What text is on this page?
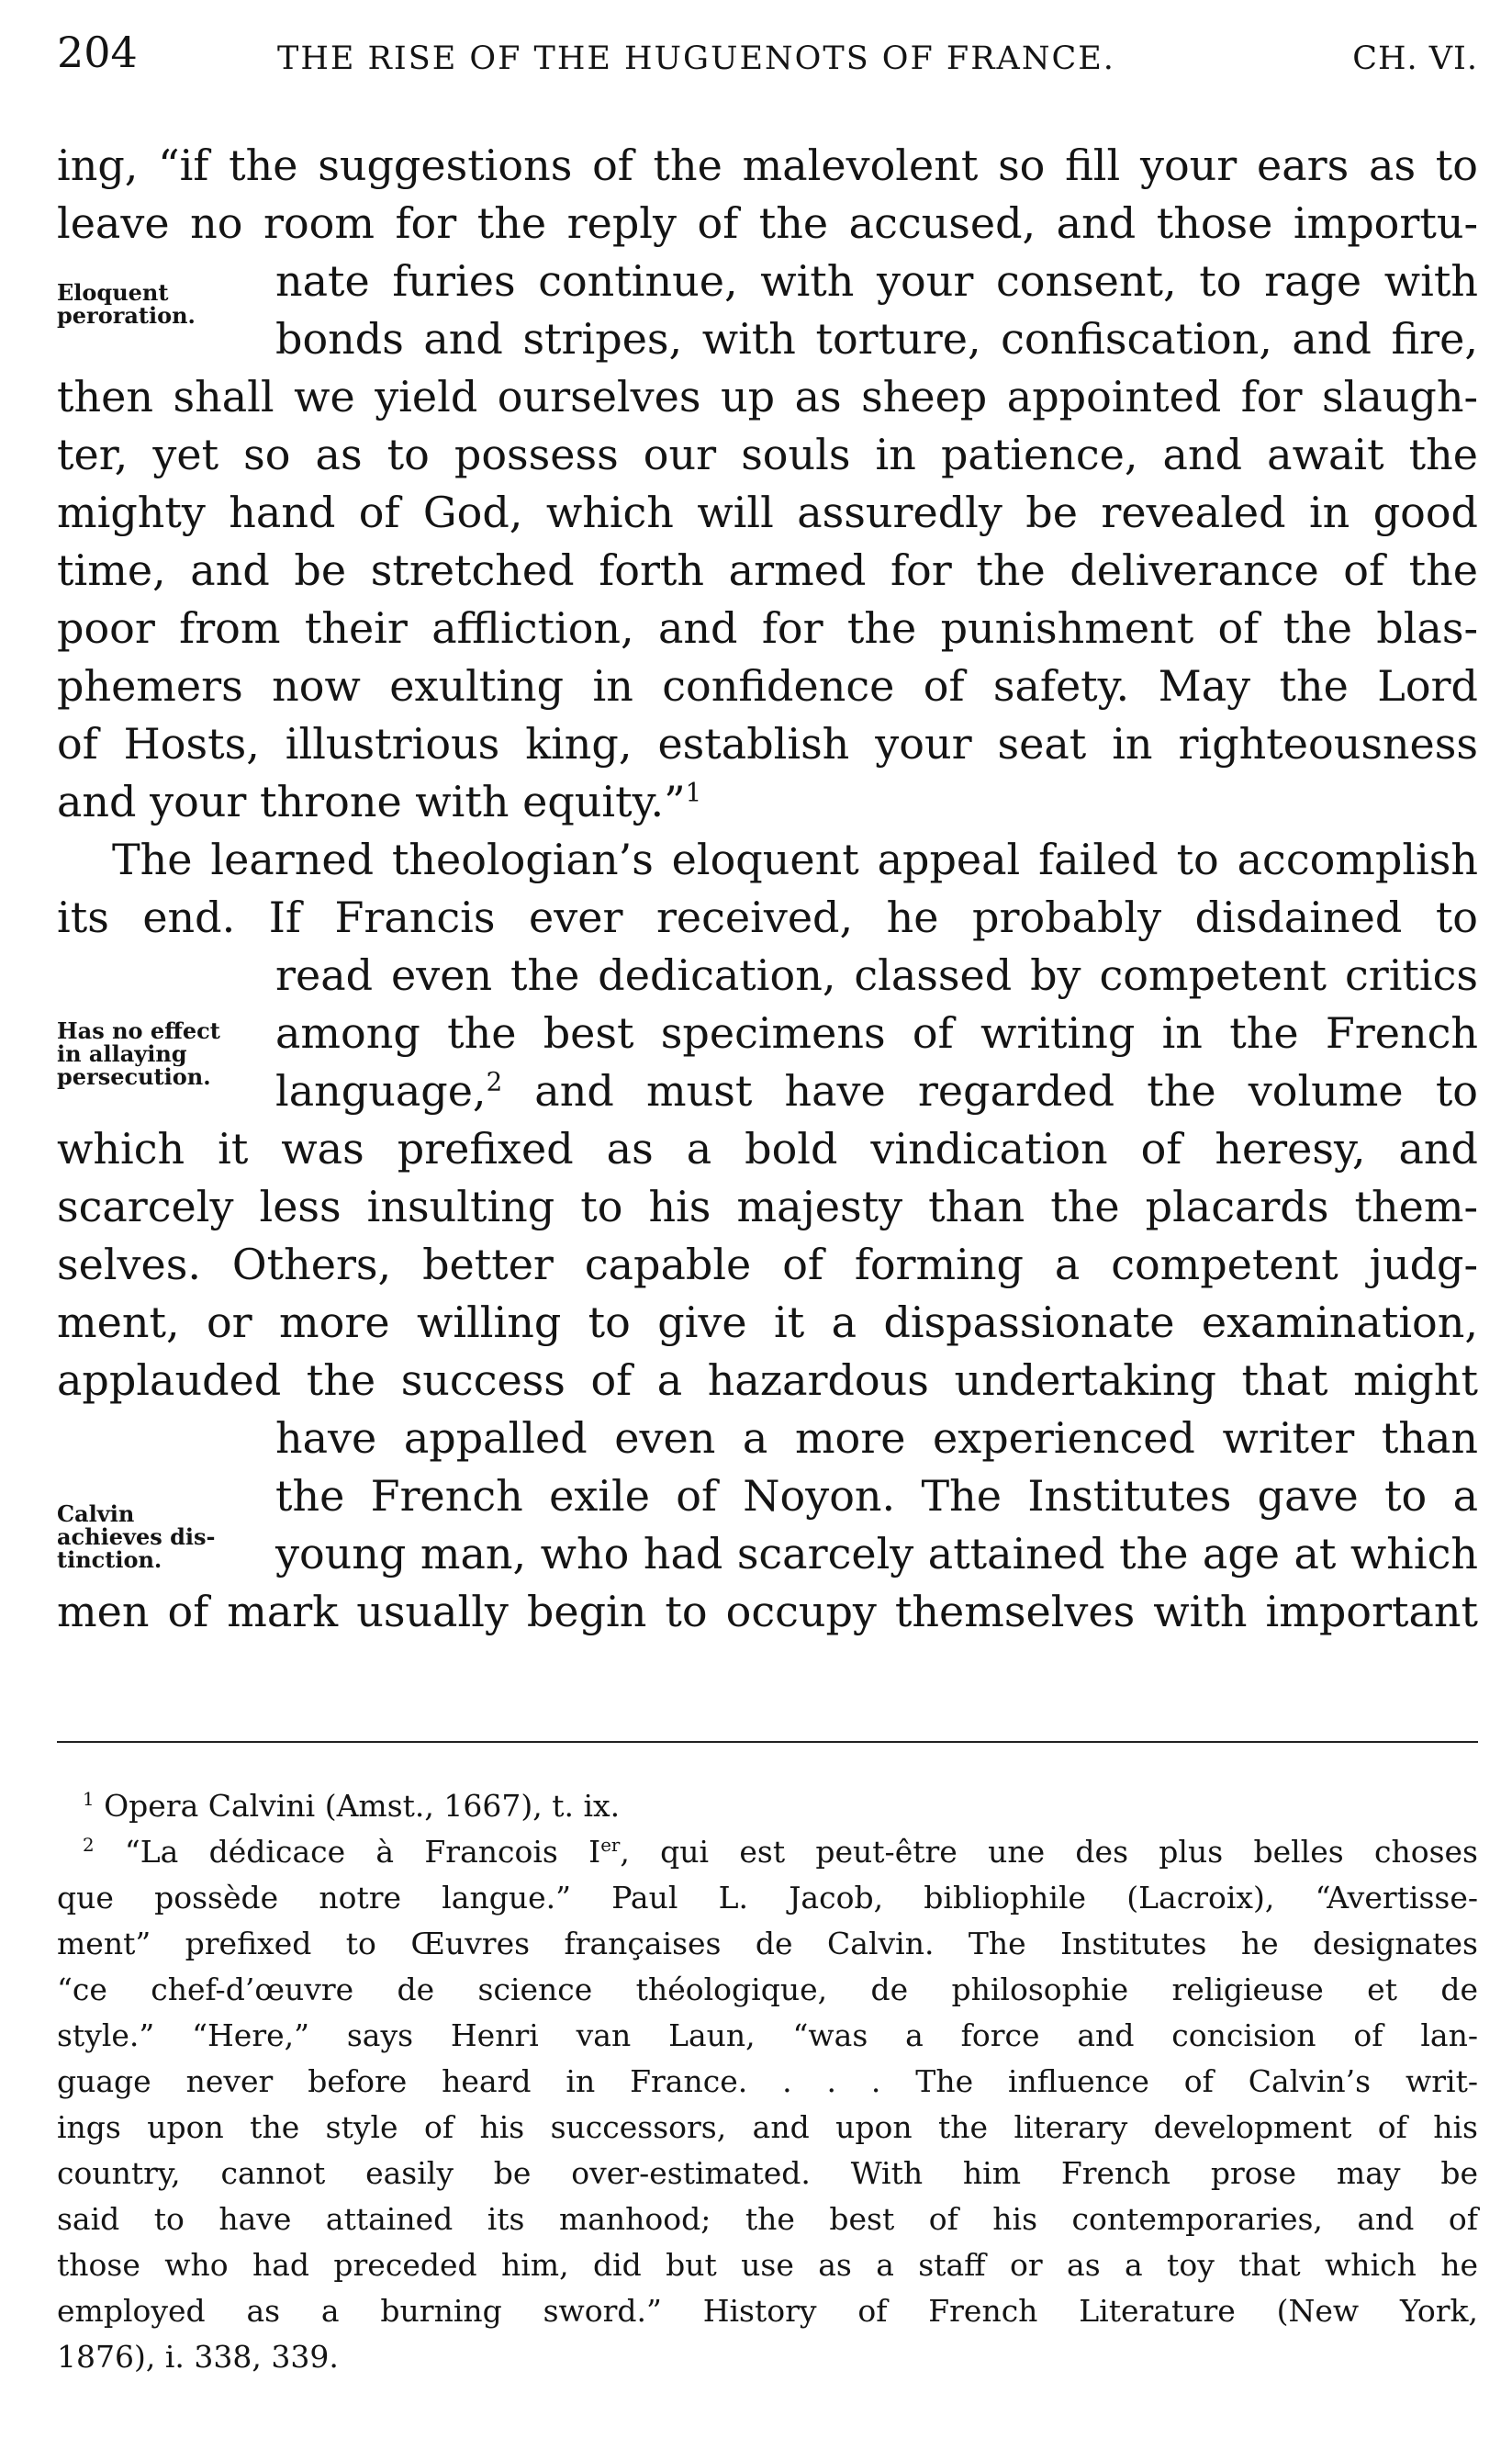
204	THE RISE OF THE HUGUENOTS OF FRANCE.	CH. VI.
Eloquent
peroration.
Has no effect
in allaying
persecution.
Calvin
achieves dis-
tinction.
ing, “if the suggestions of the malevolent so fill your ears as to
leave no room for the reply of the accused, and those importu-
nate furies continue, with your consent, to rage with
bonds and stripes, with torture, confiscation, and fire,
then shall we yield ourselves up as sheep appointed for slaugh-
ter, yet so as to possess our souls in patience, and await the
mighty hand of God, which will assuredly be revealed in good
time, and be stretched forth armed for the deliverance of the
poor from their affliction, and for the punishment of the blas-
phemers now exulting in confidence of safety. May the Lord
of Hosts, illustrious king, establish your seat in righteousness
and your throne with equity.”$^1$
The learned theologian’s eloquent appeal failed to accomplish
its end. If Francis ever received, he probably disdained to
read even the dedication, classed by competent critics
among the best specimens of writing in the French
language,$^2$ and must have regarded the volume to
which it was prefixed as a bold vindication of heresy, and
scarcely less insulting to his majesty than the placards them-
selves. Others, better capable of forming a competent judg-
ment, or more willing to give it a dispassionate examination,
applauded the success of a hazardous undertaking that might
have appalled even a more experienced writer than
the French exile of Noyon. The Institutes gave to a
young man, who had scarcely attained the age at which
men of mark usually begin to occupy themselves with important
$^1$ Opera Calvini (Amst., 1667), t. ix.
$^2$ “La dédicace à Francois Ier, qui est peut-être une des plus belles choses
que possède notre langue.” Paul L. Jacob, bibliophile (Lacroix), “Avertisse-
ment” prefixed to Œuvres françaises de Calvin. The Institutes he designates
“ce chef-d’œuvre de science théologique, de philosophie religieuse et de
style.” “Here,” says Henri van Laun, “was a force and concision of lan-
guage never before heard in France. . . . The influence of Calvin’s writ-
ings upon the style of his successors, and upon the literary development of his
country, cannot easily be over-estimated. With him French prose may be
said to have attained its manhood; the best of his contemporaries, and of
those who had preceded him, did but use as a staff or as a toy that which he
employed as a burning sword.” History of French Literature (New York,
1876), i. 338, 339.
